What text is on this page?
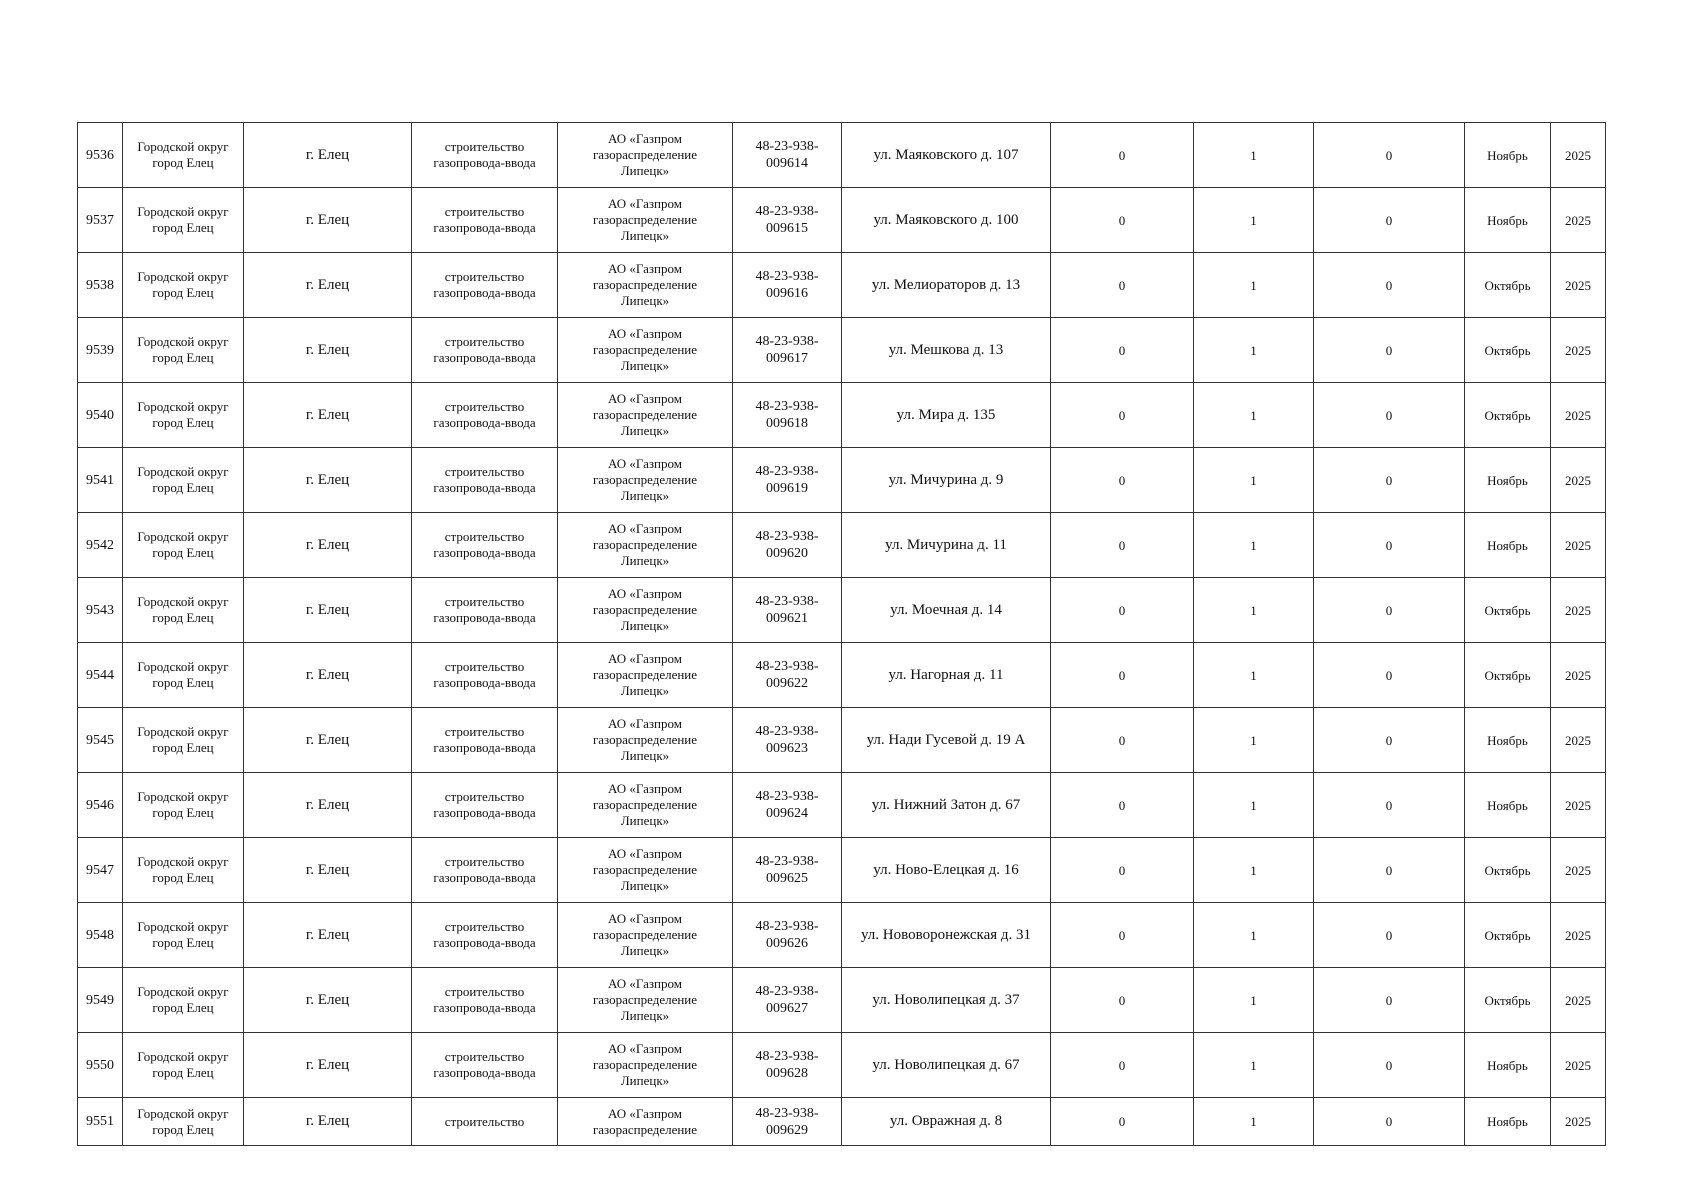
9536	Городской округ
город Елец	г. Елец	строительство
газопровода-ввода	АО «Газпром
газораспределение
Липецк»	48-23-938-
009614	ул. Маяковского д. 107	0	1	0	Ноябрь	2025
9537	Городской округ
город Елец	г. Елец	строительство
газопровода-ввода	АО «Газпром
газораспределение
Липецк»	48-23-938-
009615	ул. Маяковского д. 100	0	1	0	Ноябрь	2025
9538	Городской округ
город Елец	г. Елец	строительство
газопровода-ввода	АО «Газпром
газораспределение
Липецк»	48-23-938-
009616	ул. Мелиораторов д. 13	0	1	0	Октябрь	2025
9539	Городской округ
город Елец	г. Елец	строительство
газопровода-ввода	АО «Газпром
газораспределение
Липецк»	48-23-938-
009617	ул. Мешкова д. 13	0	1	0	Октябрь	2025
9540	Городской округ
город Елец	г. Елец	строительство
газопровода-ввода	АО «Газпром
газораспределение
Липецк»	48-23-938-
009618	ул. Мира д. 135	0	1	0	Октябрь	2025
9541	Городской округ
город Елец	г. Елец	строительство
газопровода-ввода	АО «Газпром
газораспределение
Липецк»	48-23-938-
009619	ул. Мичурина д. 9	0	1	0	Ноябрь	2025
9542	Городской округ
город Елец	г. Елец	строительство
газопровода-ввода	АО «Газпром
газораспределение
Липецк»	48-23-938-
009620	ул. Мичурина д. 11	0	1	0	Ноябрь	2025
9543	Городской округ
город Елец	г. Елец	строительство
газопровода-ввода	АО «Газпром
газораспределение
Липецк»	48-23-938-
009621	ул. Моечная д. 14	0	1	0	Октябрь	2025
9544	Городской округ
город Елец	г. Елец	строительство
газопровода-ввода	АО «Газпром
газораспределение
Липецк»	48-23-938-
009622	ул. Нагорная д. 11	0	1	0	Октябрь	2025
9545	Городской округ
город Елец	г. Елец	строительство
газопровода-ввода	АО «Газпром
газораспределение
Липецк»	48-23-938-
009623	ул. Нади Гусевой д. 19 А	0	1	0	Ноябрь	2025
9546	Городской округ
город Елец	г. Елец	строительство
газопровода-ввода	АО «Газпром
газораспределение
Липецк»	48-23-938-
009624	ул. Нижний Затон д. 67	0	1	0	Ноябрь	2025
9547	Городской округ
город Елец	г. Елец	строительство
газопровода-ввода	АО «Газпром
газораспределение
Липецк»	48-23-938-
009625	ул. Ново-Елецкая д. 16	0	1	0	Октябрь	2025
9548	Городской округ
город Елец	г. Елец	строительство
газопровода-ввода	АО «Газпром
газораспределение
Липецк»	48-23-938-
009626	ул. Нововоронежская д. 31	0	1	0	Октябрь	2025
9549	Городской округ
город Елец	г. Елец	строительство
газопровода-ввода	АО «Газпром
газораспределение
Липецк»	48-23-938-
009627	ул. Новолипецкая д. 37	0	1	0	Октябрь	2025
9550	Городской округ
город Елец	г. Елец	строительство
газопровода-ввода	АО «Газпром
газораспределение
Липецк»	48-23-938-
009628	ул. Новолипецкая д. 67	0	1	0	Ноябрь	2025
9551	Городской округ
город Елец	г. Елец	строительство	АО «Газпром
газораспределение	48-23-938-
009629	ул. Овражная д. 8	0	1	0	Ноябрь	2025
